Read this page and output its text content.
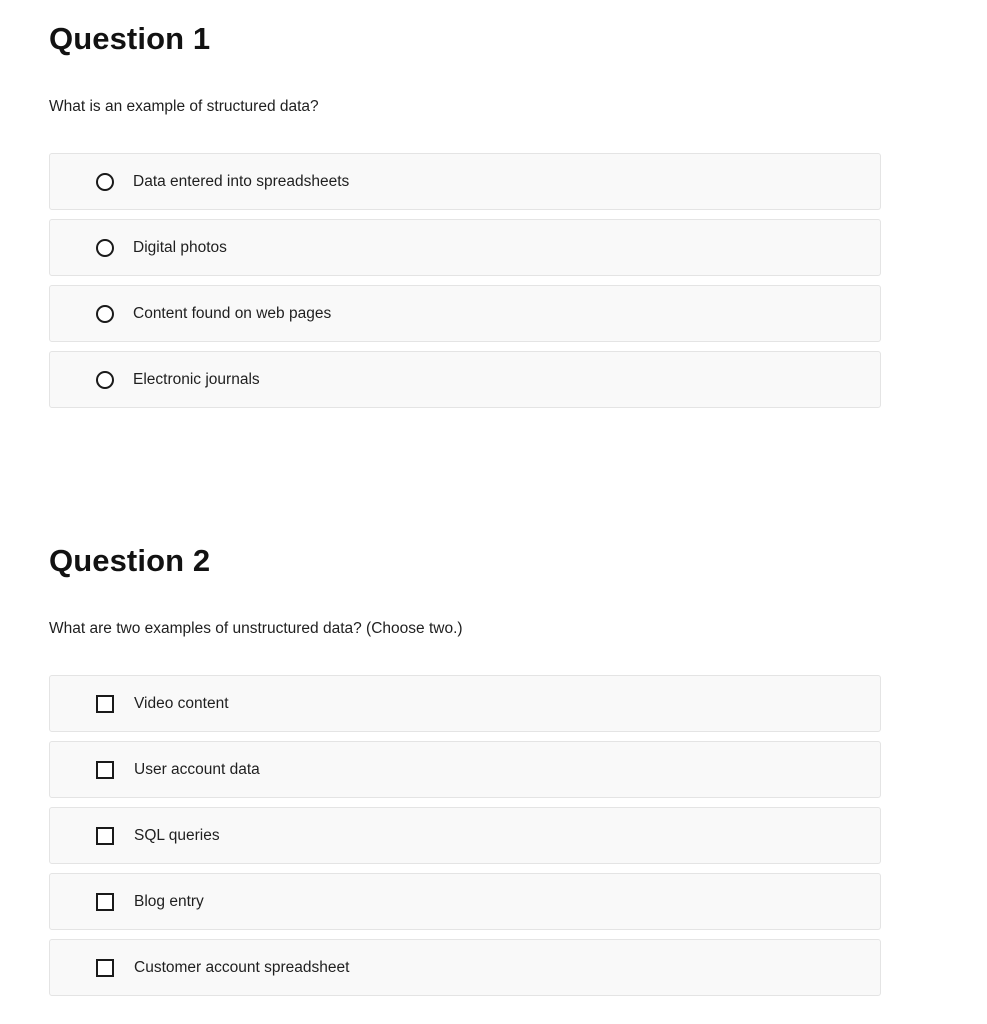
Question 1

What is an example of structured data?

Data entered into spreadsheets
Digital photos
Content found on web pages
Electronic journals
Question 2

What are two examples of unstructured data? (Choose two.)

Video content
User account data
SQL queries
Blog entry
Customer account spreadsheet
